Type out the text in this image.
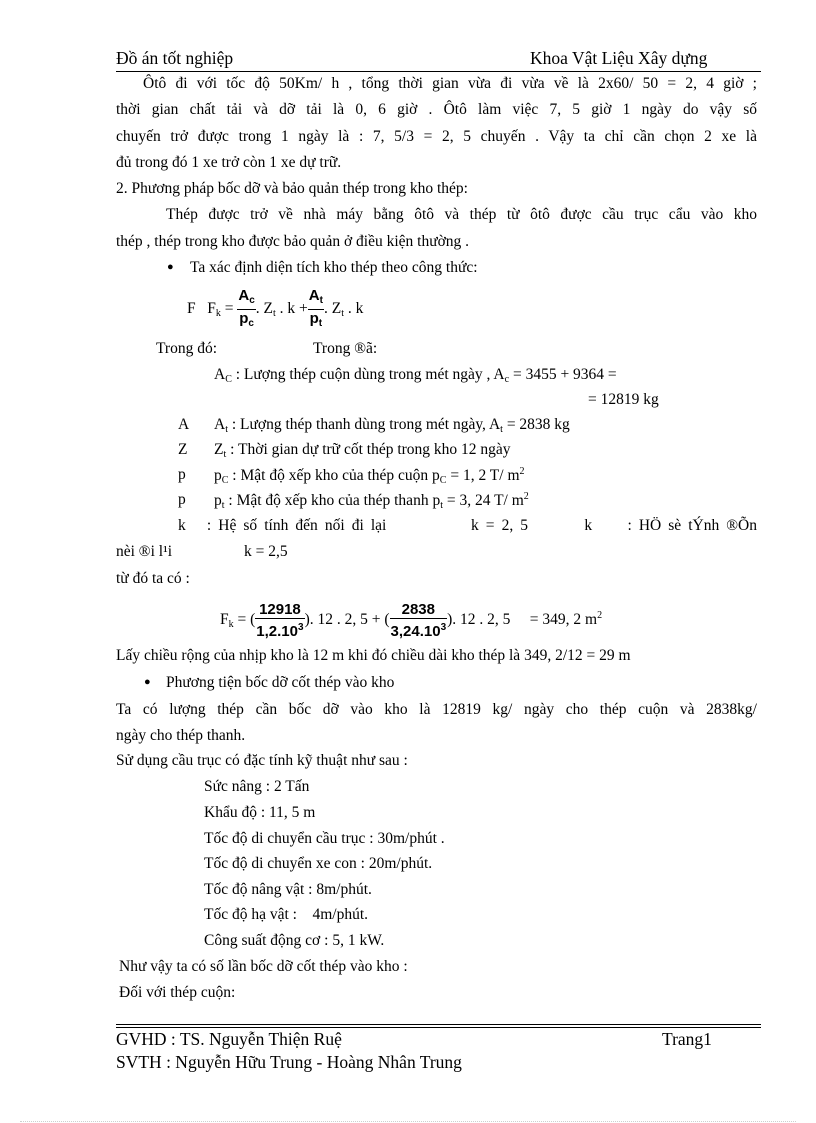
Đồ án tốt nghiệp	Khoa Vật Liệu Xây dựng
Ôtô đi với tốc độ 50Km/ h , tổng thời gian vừa đi vừa về là 2x60/ 50 = 2, 4 giờ ;
thời gian chất tải và dỡ tải là 0, 6 giờ . Ôtô làm việc 7, 5 giờ 1 ngày do vậy số
chuyến trở được trong 1 ngày là : 7, 5/3 = 2, 5 chuyến . Vậy ta chỉ cần chọn 2 xe là
đủ trong đó 1 xe trở còn 1 xe dự trữ.
2. Phương pháp bốc dỡ và bảo quản thép trong kho thép:
Thép được trở về nhà máy bằng ôtô và thép từ ôtô được cầu trục cẩu vào kho
thép , thép trong kho được bảo quản ở điều kiện thường .
● Ta xác định diện tích kho thép theo công thức:
F $F_k = \frac{A_c}{p_c}$ . $Z_t$ . $k + \frac{A_t}{p_t}$ . $Z_t$ . k
Trong đó:	Trong ®ã:
$A_C$ : Lượng thép cuộn dùng trong mét ngày , $A_c = 3455 + 9364$ =
= 12819 kg
A $A_t$ : Lượng thép thanh dùng trong mét ngày, $A_t = 2838$ kg
Z $Z_t$ : Thời gian dự trữ cốt thép trong kho 12 ngày
p $p_C$ : Mật độ xếp kho của thép cuộn $p_C = 1$, 2 T/ $m^2$
p $p_t$ : Mật độ xếp kho của thép thanh $p_t = 3$, 24 T/ $m^2$
k   : Hệ số tính đến nối đi lại            k = 2, 5        k     : HÖ sè tÝnh ®Õn
nèi ®i l¹i	k = 2,5
từ đó ta có :
$F_k$ = ( $\frac{12918}{1,2.10^3}$ ). 12 . 2, 5 + ( $\frac{2838}{3,24.10^3}$ ). 12 . 2, 5     = 349, 2 $m^2$
Lấy chiều rộng của nhịp kho là 12 m khi đó chiều dài kho thép là 349, 2/12 = 29 m
● Phương tiện bốc dỡ cốt thép vào kho
Ta có lượng thép cần bốc dỡ vào kho là 12819 kg/ ngày cho thép cuộn và 2838kg/
ngày cho thép thanh.
Sử dụng cầu trục có đặc tính kỹ thuật như sau :
Sức nâng : 2 Tấn
Khẩu độ : 11, 5 m
Tốc độ di chuyển cầu trục : 30m/phút .
Tốc độ di chuyển xe con : 20m/phút.
Tốc độ nâng vật : 8m/phút.
Tốc độ hạ vật :    4m/phút.
Công suất động cơ : 5, 1 kW.
Như vậy ta có số lần bốc dỡ cốt thép vào kho :
Đối với thép cuộn:
GVHD : TS. Nguyễn Thiện Ruệ	Trang1
SVTH : Nguyễn Hữu Trung - Hoàng Nhân Trung
